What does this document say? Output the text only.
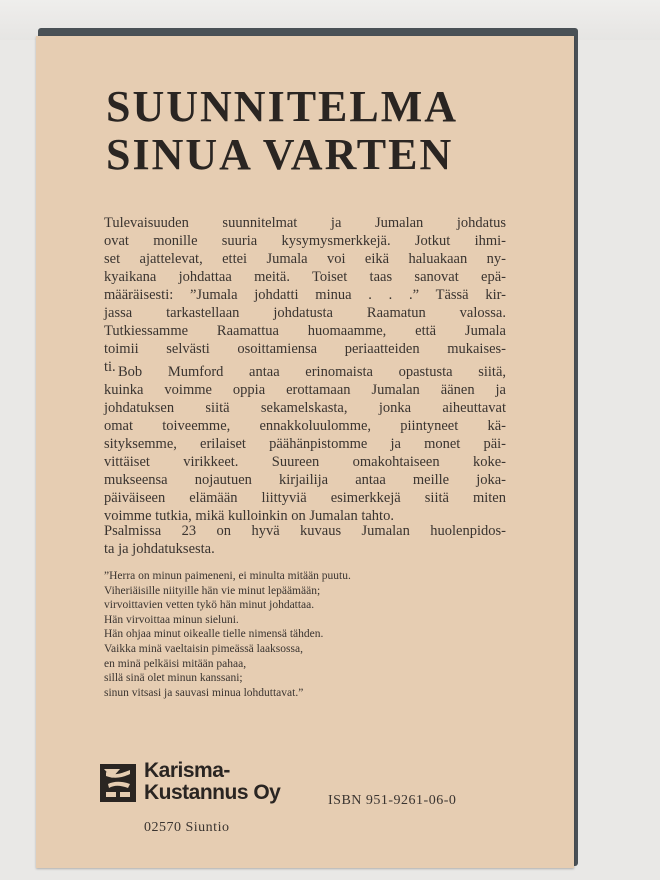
SUUNNITELMA
SINUA VARTEN

Tulevaisuuden suunnitelmat ja Jumalan johdatus
ovat monille suuria kysymysmerkkejä. Jotkut ihmi-
set ajattelevat, ettei Jumala voi eikä haluakaan ny-
kyaikana johdattaa meitä. Toiset taas sanovat epä-
määräisesti: ”Jumala johdatti minua . . .” Tässä kir-
jassa tarkastellaan johdatusta Raamatun valossa.
Tutkiessamme Raamattua huomaamme, että Jumala
toimii selvästi osoittamiensa periaatteiden mukaises-
ti. Bob Mumford antaa erinomaista opastusta siitä,
kuinka voimme oppia erottamaan Jumalan äänen ja
johdatuksen siitä sekamelskasta, jonka aiheuttavat
omat toiveemme, ennakkoluulomme, piintyneet kä-
sityksemme, erilaiset päähänpistomme ja monet päi-
vittäiset virikkeet. Suureen omakohtaiseen koke-
mukseensa nojautuen kirjailija antaa meille joka-
päiväiseen elämään liittyviä esimerkkejä siitä miten
voimme tutkia, mikä kulloinkin on Jumalan tahto.

Psalmissa 23 on hyvä kuvaus Jumalan huolenpidos-
ta ja johdatuksesta.

”Herra on minun paimeneni, ei minulta mitään puutu.
Viheriäisille niityille hän vie minut lepäämään;
virvoittavien vetten tykö hän minut johdattaa.
Hän virvoittaa minun sieluni.
Hän ohjaa minut oikealle tielle nimensä tähden.
Vaikka minä vaeltaisin pimeässä laaksossa,
en minä pelkäisi mitään pahaa,
sillä sinä olet minun kanssani;
sinun vitsasi ja sauvasi minua lohduttavat.”

Karisma-
Kustannus Oy	ISBN 951-9261-06-0
02570 Siuntio
